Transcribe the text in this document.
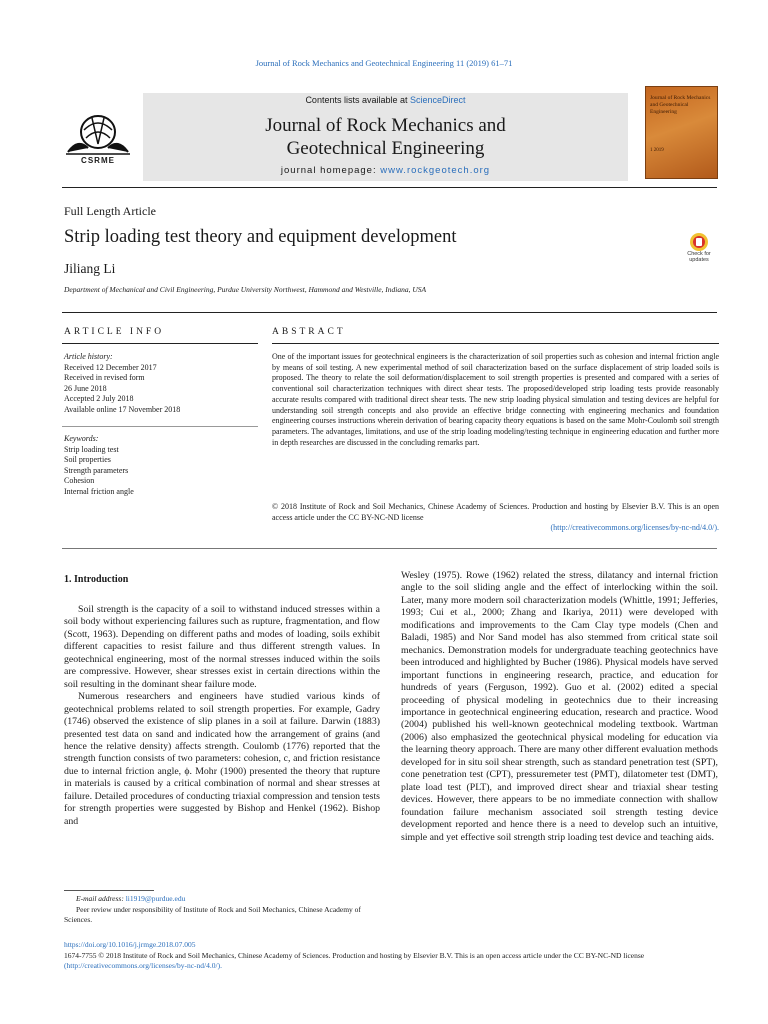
Journal of Rock Mechanics and Geotechnical Engineering 11 (2019) 61–71
Contents lists available at ScienceDirect
Journal of Rock Mechanics and
Geotechnical Engineering
journal homepage: www.rockgeotech.org
CSRME
Journal of Rock Mechanics and Geotechnical Engineering
1 2019
Full Length Article
Strip loading test theory and equipment development
Jiliang Li
Department of Mechanical and Civil Engineering, Purdue University Northwest, Hammond and Westville, Indiana, USA
Check for updates
ARTICLE INFO
Article history:
Received 12 December 2017
Received in revised form
26 June 2018
Accepted 2 July 2018
Available online 17 November 2018
Keywords:
Strip loading test
Soil properties
Strength parameters
Cohesion
Internal friction angle
ABSTRACT
One of the important issues for geotechnical engineers is the characterization of soil properties such as cohesion and internal friction angle by means of soil testing. A new experimental method of soil characterization based on the surface displacement of strip loaded soils is proposed. The theory to relate the soil deformation/displacement to soil strength properties is presented and compared with a series of conventional soil characterization techniques with direct shear tests. The proposed/developed strip loading tests provide reasonably accurate results compared with traditional direct shear tests. The new strip loading physical simulation and testing devices are helpful for understanding soil strength concepts and also provide an effective bridge connecting with engineering mechanics and foundation engineering courses instructions wherein derivation of bearing capacity theory equations is based on the same Mohr-Coulomb soil strength parameters. The advantages, limitations, and use of the strip loading modeling/testing technique in engineering education and further more in depth researches are discussed in the concluding remarks part.
© 2018 Institute of Rock and Soil Mechanics, Chinese Academy of Sciences. Production and hosting by Elsevier B.V. This is an open access article under the CC BY-NC-ND license
(http://creativecommons.org/licenses/by-nc-nd/4.0/).
1. Introduction

Soil strength is the capacity of a soil to withstand induced stresses within a soil body without experiencing failures such as rupture, fragmentation, and flow (Scott, 1963). Depending on different paths and modes of loading, soils exhibit different capacities to resist failure and thus different strength values. In geotechnical engineering, most of the normal stresses induced within the soils are compressive. However, shear stresses exist in certain directions within the soil resulting in the dominant shear failure mode.

Numerous researchers and engineers have studied various kinds of geotechnical problems related to soil strength properties. For example, Gadry (1746) observed the existence of slip planes in a soil at failure. Darwin (1883) presented test data on sand and indicated how the arrangement of grains (and hence the relative density) affects strength. Coulomb (1776) reported that the strength function consists of two parameters: cohesion, c, and friction resistance due to internal friction angle, ϕ. Mohr (1900) presented the theory that rupture in materials is caused by a critical combination of normal and shear stresses at failure. Detailed procedures of conducting triaxial compression and tension tests for strength properties were suggested by Bishop and Henkel (1962). Bishop and

Wesley (1975). Rowe (1962) related the stress, dilatancy and internal friction angle to the soil sliding angle and the effect of interlocking within the soil. Later, many more modern soil characterization models (Whittle, 1991; Jefferies, 1993; Cui et al., 2000; Zhang and Ikariya, 2011) were developed with modifications and improvements to the Cam Clay type models (Chen and Baladi, 1985) and Nor Sand model has also stemmed from critical state soil mechanics. Demonstration models for undergraduate teaching geotechnics have been introduced and highlighted by Bucher (1986). Physical models have served important functions in engineering research, practice, and education for hundreds of years (Ferguson, 1992). Guo et al. (2002) edited a special proceeding of physical modeling in geotechnics due to their increasing importance in geotechnical engineering education, research and practice. Wood (2004) published his well-known geotechnical modeling textbook. Wartman (2006) also emphasized the geotechnical physical modeling for education via the learning theory approach. There are many other different evaluation methods developed for in situ soil shear strength, such as standard penetration test (SPT), cone penetration test (CPT), pressuremeter test (PMT), dilatometer test (DMT), plate load test (PLT), and improved direct shear and triaxial shear testing devices. However, there appears to be no immediate connection with shallow foundation failure mechanism associated soil strength testing device development reported and hence there is a need to develop such an intuitive, simple and yet effective soil strength strip loading test device and teaching aids.

E-mail address: li1919@purdue.edu
Peer review under responsibility of Institute of Rock and Soil Mechanics, Chinese Academy of Sciences.
https://doi.org/10.1016/j.jrmge.2018.07.005
1674-7755 © 2018 Institute of Rock and Soil Mechanics, Chinese Academy of Sciences. Production and hosting by Elsevier B.V. This is an open access article under the CC BY-NC-ND license (http://creativecommons.org/licenses/by-nc-nd/4.0/).
